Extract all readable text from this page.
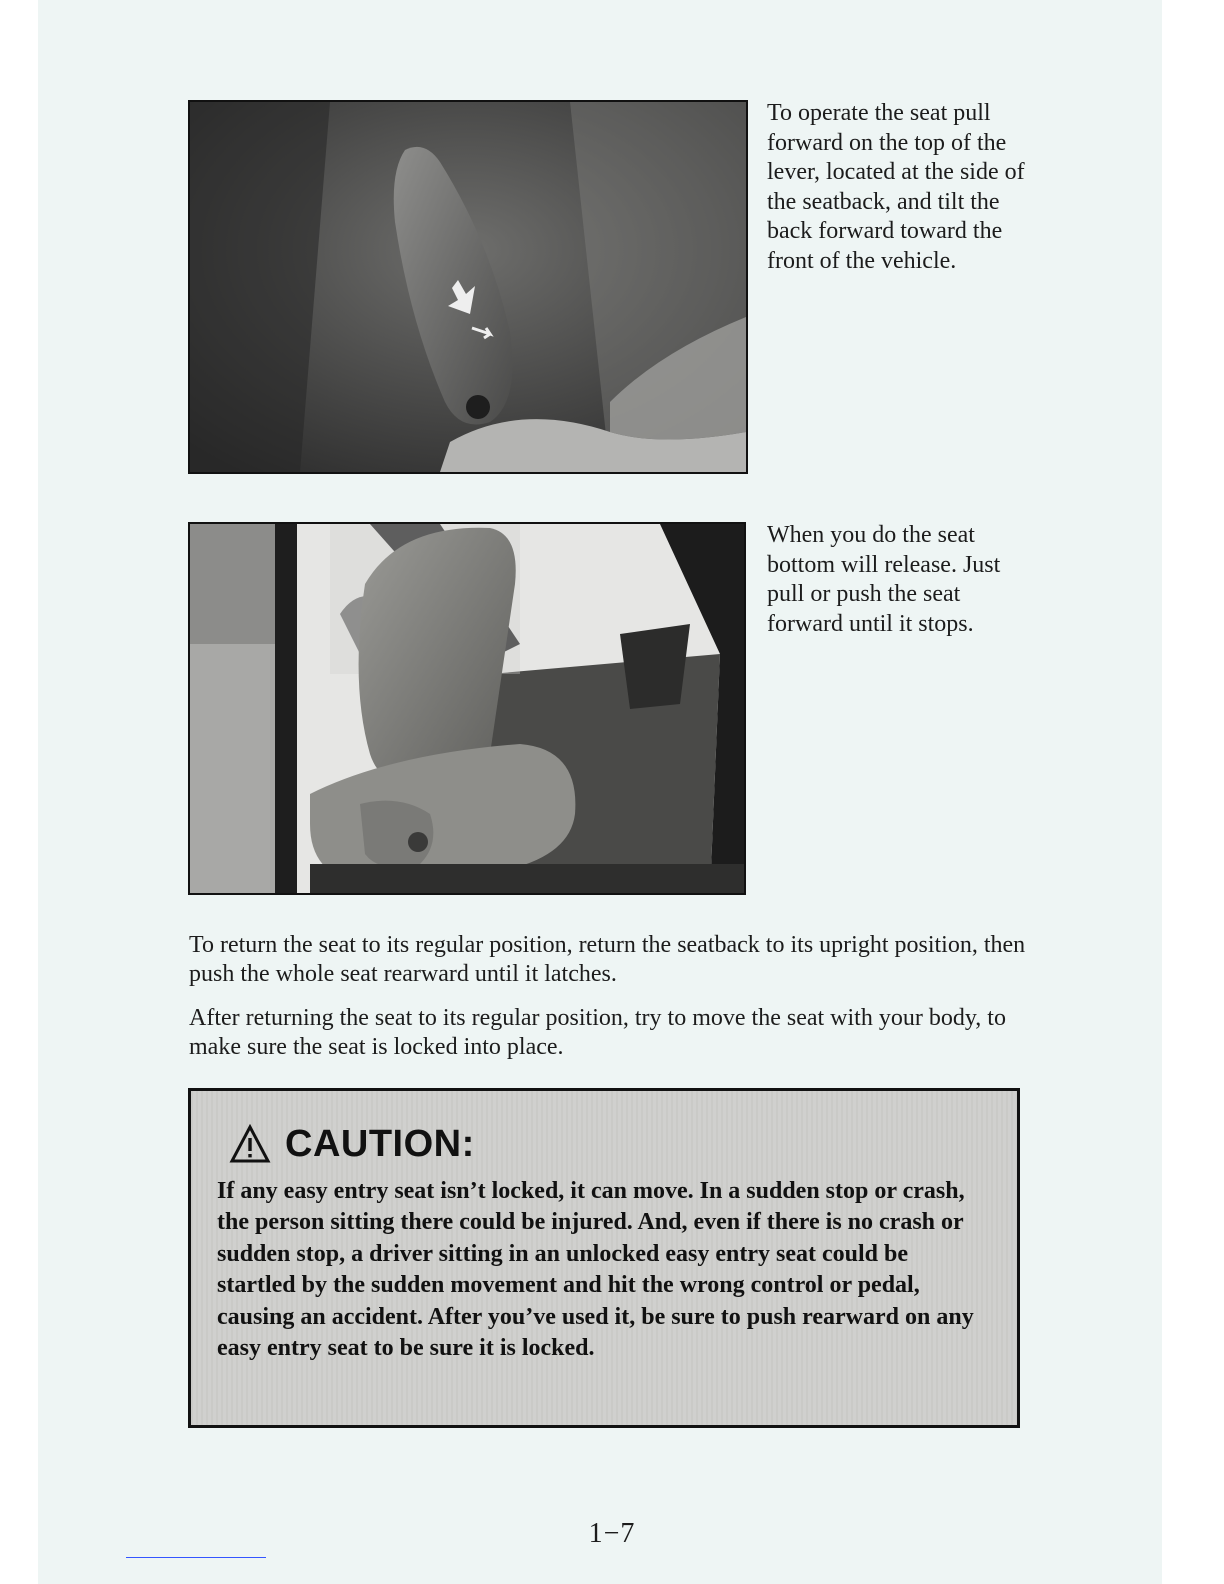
To operate the seat pull forward on the top of the lever, located at the side of the seatback, and tilt the back forward toward the front of the vehicle.

When you do the seat bottom will release. Just pull or push the seat forward until it stops.

To return the seat to its regular position, return the seatback to its upright position, then push the whole seat rearward until it latches.

After returning the seat to its regular position, try to move the seat with your body, to make sure the seat is locked into place.

CAUTION:

If any easy entry seat isn’t locked, it can move. In a sudden stop or crash, the person sitting there could be injured. And, even if there is no crash or sudden stop, a driver sitting in an unlocked easy entry seat could be startled by the sudden movement and hit the wrong control or pedal, causing an accident. After you’ve used it, be sure to push rearward on any easy entry seat to be sure it is locked.

1−7
